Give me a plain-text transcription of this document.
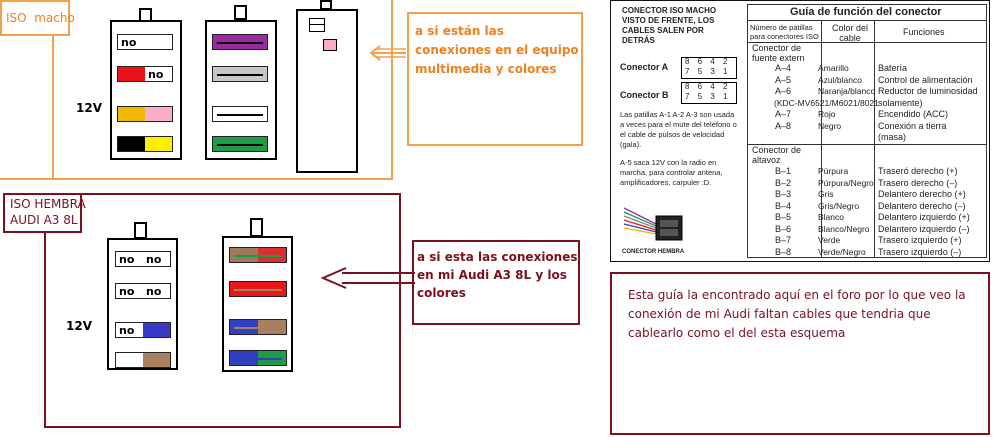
ISO  macho
12V
no
no
a si están las conexiones en el equipo multimedia y colores
ISO HEMBRA
AUDI A3 8L
12V
no no
no no
no
a si esta las conexiones en mi Audi A3 8L y los colores
CONECTOR ISO MACHO VISTO DE FRENTE, LOS CABLES SALEN POR DETRÁS
Conector A
Conector B
8 6 4 2
7 5 3 1
8 6 4 2
7 5 3 1
Las patillas A-1 A-2 A-3 son usada a veces para el mute del teléfono o el cable de pulsos de velocidad (gala).
A-5 saca 12V con la radio en marcha, para controlar antena, amplificadores, carpuler :D.
CONECTOR HEMBRA
Guía de función del conector
Número de patillas para conectores ISO
Color del cable
Funciones
Conector de fuente extern
A–4	Amarillo	Batería
A–5	Azul/blanco Control de alimentación
A–6	Naranja/blanco Reductor de luminosidad
(KDC-MV6521/M6021/8021 solamente)
A–7	Rojo	Encendido (ACC)
A–8	Negro	Conexión a tierra
(masa)
Conector de altavoz
B–1	Púrpura	Traseró derecho (+)
B–2	Púrpura/Negro Trasero derecho (–)
B–3	Gris	Delantero derecho (+)
B–4	Gris/Negro Delantero derecho (–)
B–5	Blanco	Delantero izquierdo (+)
B–6	Blanco/Negro Delantero izquierdo (–)
B–7	Verde	Trasero izquierdo (+)
B–8	Verde/Negro Trasero izquierdo (–)
Esta guía la encontrado aquí en el foro por lo que veo la conexión de mi Audi faltan cables que tendria que cablearlo como el del esta esquema
